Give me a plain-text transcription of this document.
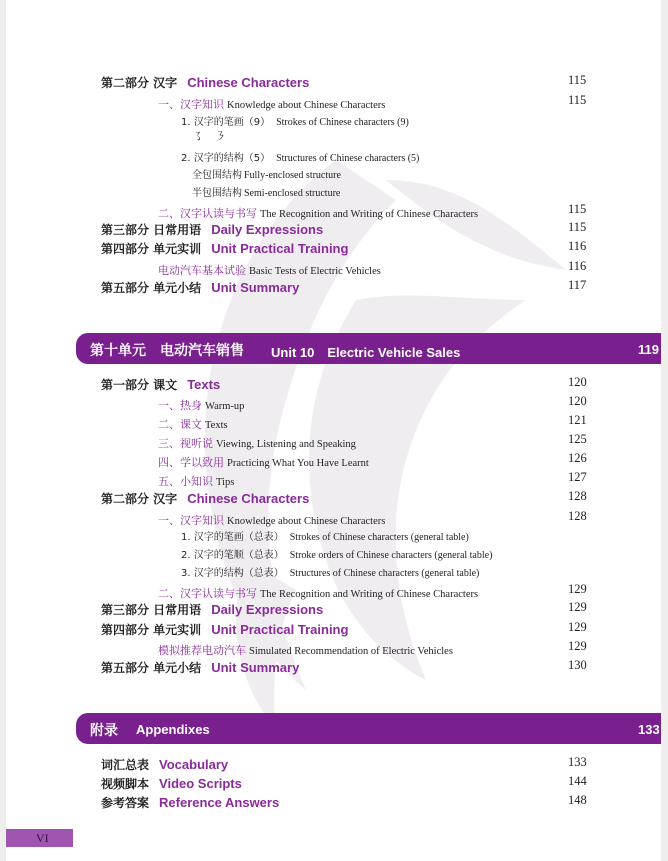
第二部分 汉字 Chinese Characters	115
一、汉字知识 Knowledge about Chinese Characters	115
1. 汉字的笔画（9） Strokes of Chinese characters (9)
㇌ ㇋
2. 汉字的结构（5） Structures of Chinese characters (5)
全包围结构 Fully-enclosed structure
半包围结构 Semi-enclosed structure
二、汉字认读与书写 The Recognition and Writing of Chinese Characters	115
第三部分 日常用语 Daily Expressions	115
第四部分 单元实训 Unit Practical Training	116
电动汽车基本试验 Basic Tests of Electric Vehicles	116
第五部分 单元小结 Unit Summary	117
第十单元　电动汽车销售 Unit 10　Electric Vehicle Sales	119
第一部分 课文 Texts	120
一、热身 Warm-up	120
二、课文 Texts	121
三、视听说 Viewing, Listening and Speaking	125
四、学以致用 Practicing What You Have Learnt	126
五、小知识 Tips	127
第二部分 汉字 Chinese Characters	128
一、汉字知识 Knowledge about Chinese Characters	128
1. 汉字的笔画（总表） Strokes of Chinese characters (general table)
2. 汉字的笔顺（总表） Stroke orders of Chinese characters (general table)
3. 汉字的结构（总表） Structures of Chinese characters (general table)
二、汉字认读与书写 The Recognition and Writing of Chinese Characters	129
第三部分 日常用语 Daily Expressions	129
第四部分 单元实训 Unit Practical Training	129
模拟推荐电动汽车 Simulated Recommendation of Electric Vehicles	129
第五部分 单元小结 Unit Summary	130
附录 Appendixes	133
词汇总表 Vocabulary	133
视频脚本 Video Scripts	144
参考答案 Reference Answers	148
VI
